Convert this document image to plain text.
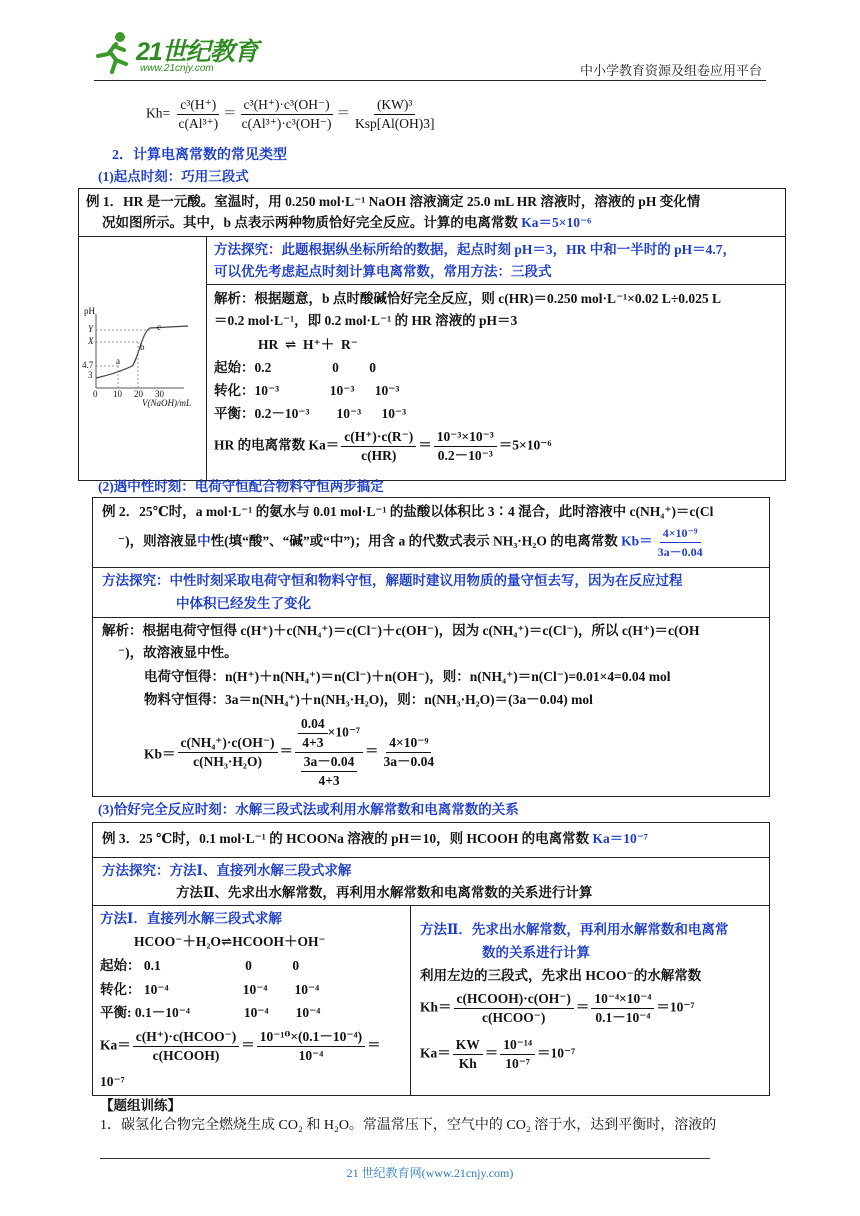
21世纪教育
www.21cnjy.com	中小学教育资源及组卷应用平台
$Kh= \frac{\text{c³(H⁺)}}{\text{c(Al³⁺)}} = \frac{\text{c³(H⁺)·c³(OH⁻)}}{\text{c(Al³⁺)·c³(OH⁻)}} = \frac{\text{(KW)³}}{\text{Ksp[Al(OH)3]}}$
2．计算电离常数的常见类型
(1)起点时刻：巧用三段式
例 1．HR 是一元酸。室温时，用 0.250 mol·L⁻¹ NaOH 溶液滴定 25.0 mL HR 溶液时，溶液的 pH 变化情
况如图所示。其中，b 点表示两种物质恰好完全反应。计算的电离常数 Ka＝5×10⁻⁶
方法探究：此题根据纵坐标所给的数据，起点时刻 pH＝3，HR 中和一半时的 pH＝4.7，
可以优先考虑起点时刻计算电离常数，常用方法：三段式
pH
Y
X
4.7
3
0 10 20 30
V(NaOH)/mL
a
b
c
解析：根据题意，b 点时酸碱恰好完全反应，则 c(HR)＝0.250 mol·L⁻¹×0.02 L÷0.025 L
＝0.2 mol·L⁻¹，即 0.2 mol·L⁻¹ 的 HR 溶液的 pH＝3
HR  ⇌  H⁺＋  R⁻
起始：0.2                  0         0
转化：10⁻³               10⁻³      10⁻³
平衡：0.2－10⁻³        10⁻³      10⁻³
HR 的电离常数 $Ka= \frac{c(H^+)\cdot c(R^-)}{c(HR)} = \frac{\text{10⁻³×10⁻³}}{\text{0.2－10⁻³}} =5\times 10^{-6}$
(2)遇中性时刻：电荷守恒配合物料守恒两步搞定
例 2．25℃时，a mol·L⁻¹ 的氨水与 0.01 mol·L⁻¹ 的盐酸以体积比 3∶4 混合，此时溶液中 c(NH₄⁺)＝c(Cl
⁻)，则溶液显中性(填“酸”、“碱”或“中”)；用含 a 的代数式表示 NH₃·H₂O 的电离常数 $Kb= \frac{\text{4×10⁻⁹}}{3a-0.04}$
方法探究：中性时刻采取电荷守恒和物料守恒，解题时建议用物质的量守恒去写，因为在反应过程
中体积已经发生了变化
解析：根据电荷守恒得 c(H⁺)＋c(NH₄⁺)＝c(Cl⁻)＋c(OH⁻)，因为 c(NH₄⁺)＝c(Cl⁻)，所以 c(H⁺)＝c(OH
⁻)，故溶液显中性。
电荷守恒得：n(H⁺)＋n(NH₄⁺)＝n(Cl⁻)＋n(OH⁻)，则：n(NH₄⁺)＝n(Cl⁻)=0.01×4=0.04 mol
物料守恒得：3a＝n(NH₄⁺)＋n(NH₃·H₂O)，则：n(NH₃·H₂O)＝(3a－0.04) mol
$Kb= \frac{\text{c(NH₄⁺)·c(OH⁻)}}{\text{c(NH₃·H₂O)}} = \frac{\frac{0.04}{4+3} \times 10^{-7}}{\frac{3a-0.04}{4+3}} = \frac{\text{4×10⁻⁹}}{3a-0.04}$
(3)恰好完全反应时刻：水解三段式法或利用水解常数和电离常数的关系
例 3．25 ℃时，0.1 mol·L⁻¹ 的 HCOONa 溶液的 pH＝10，则 HCOOH 的电离常数 Ka＝10⁻⁷
方法探究：方法Ⅰ、直接列水解三段式求解
方法Ⅱ、先求出水解常数，再利用水解常数和电离常数的关系进行计算
方法Ⅰ．直接列水解三段式求解
HCOO⁻＋H₂O⇌HCOOH＋OH⁻
起始： 0.1                         0            0
转化： 10⁻⁴                      10⁻⁴        10⁻⁴
平衡: 0.1－10⁻⁴                10⁻⁴        10⁻⁴
$Ka= \frac{\text{c(H⁺)·c(HCOO⁻)}}{\text{c(HCOOH)}} = \frac{\text{10⁻¹⁰×(0.1－10⁻⁴)}}{\text{10⁻⁴}}$ ＝
10⁻⁷
方法Ⅱ．先求出水解常数，再利用水解常数和电离常
数的关系进行计算
利用左边的三段式，先求出 HCOO⁻的水解常数
$Kh= \frac{\text{c(HCOOH)·c(OH⁻)}}{\text{c(HCOO⁻)}} = \frac{\text{10⁻⁴×10⁻⁴}}{\text{0.1－10⁻⁴}} =10^{-7}$
$Ka= \frac{KW}{Kh} = \frac{\text{10⁻¹⁴}}{\text{10⁻⁷}} =10^{-7}$
【题组训练】
1．碳氢化合物完全燃烧生成 CO₂ 和 H₂O。常温常压下，空气中的 CO₂ 溶于水，达到平衡时，溶液的
21 世纪教育网(www.21cnjy.com)
